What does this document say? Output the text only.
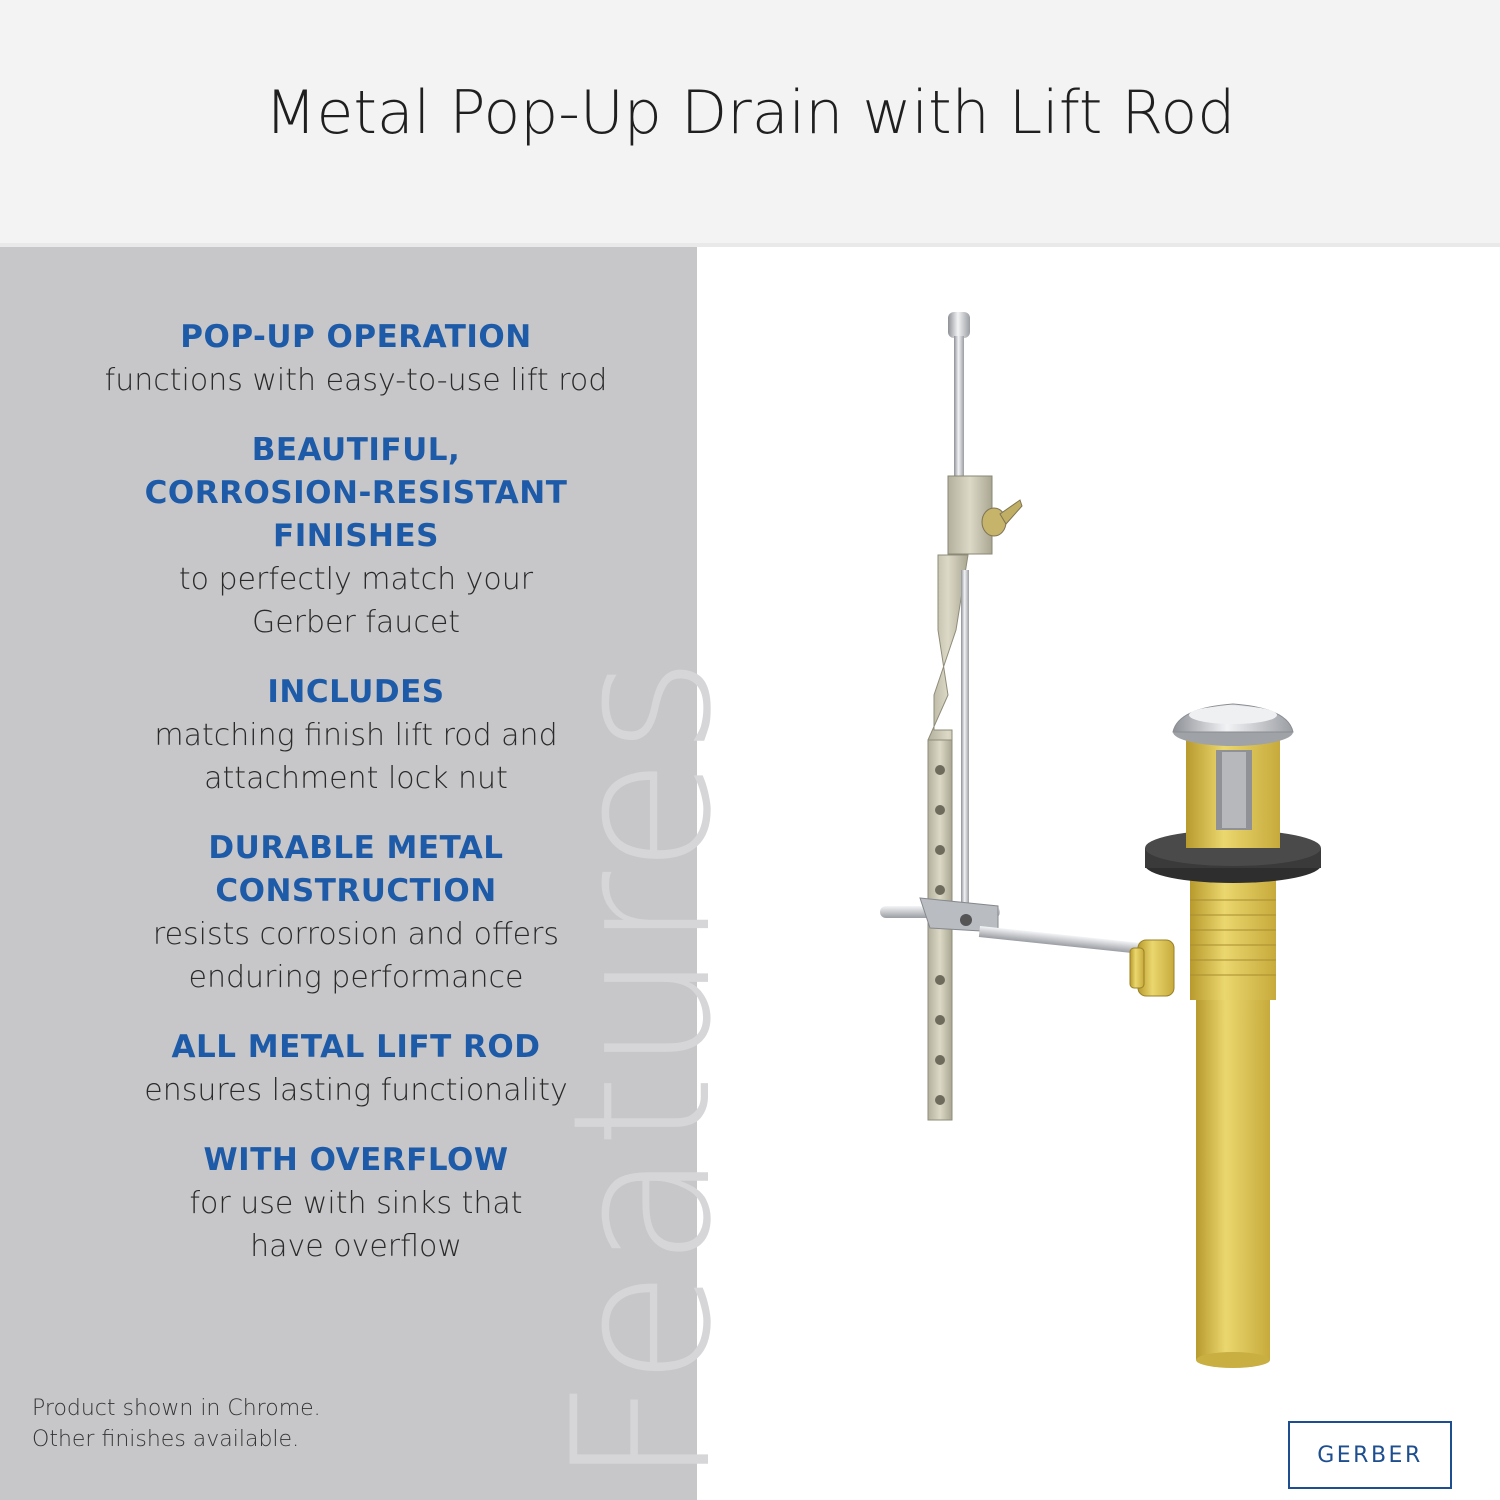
Metal Pop-Up Drain with Lift Rod
Features
POP-UP OPERATION

functions with easy-to-use lift rod

BEAUTIFUL,
CORROSION-RESISTANT
FINISHES

to perfectly match your
Gerber faucet

INCLUDES

matching finish lift rod and
attachment lock nut

DURABLE METAL
CONSTRUCTION

resists corrosion and offers
enduring performance

ALL METAL LIFT ROD

ensures lasting functionality

WITH OVERFLOW

for use with sinks that
have overflow

Product shown in Chrome.
Other finishes available.
GERBER
